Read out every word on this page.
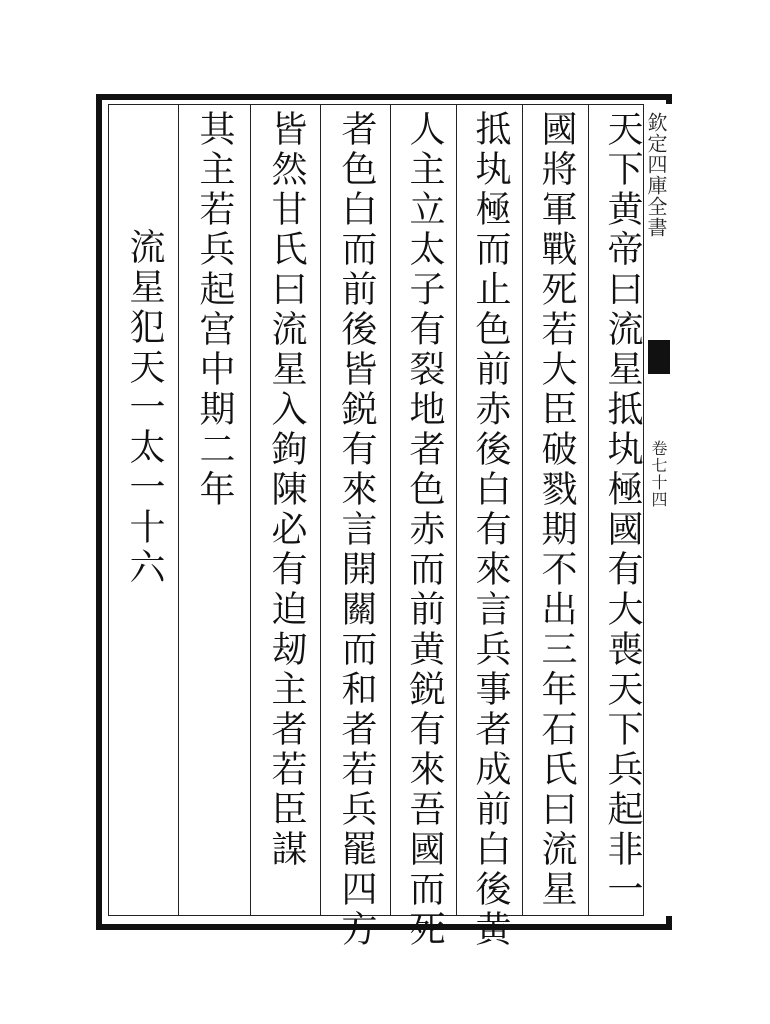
欽定四庫全書
卷七十四
天下黄帝曰流星抵𡉕極國有大喪天下兵起非一
國將軍戰死若大臣破戮期不出三年石氏曰流星
抵𡉕極而止色前赤後白有來言兵事者成前白後黄
人主立太子有裂地者色赤而前黄鋭有來吾國而死
者色白而前後皆鋭有來言開關而和者若兵罷四方
皆然甘氏曰流星入鉤陳必有迫刼主者若臣謀
其主若兵起宫中期二年
流星犯天一太一十六
